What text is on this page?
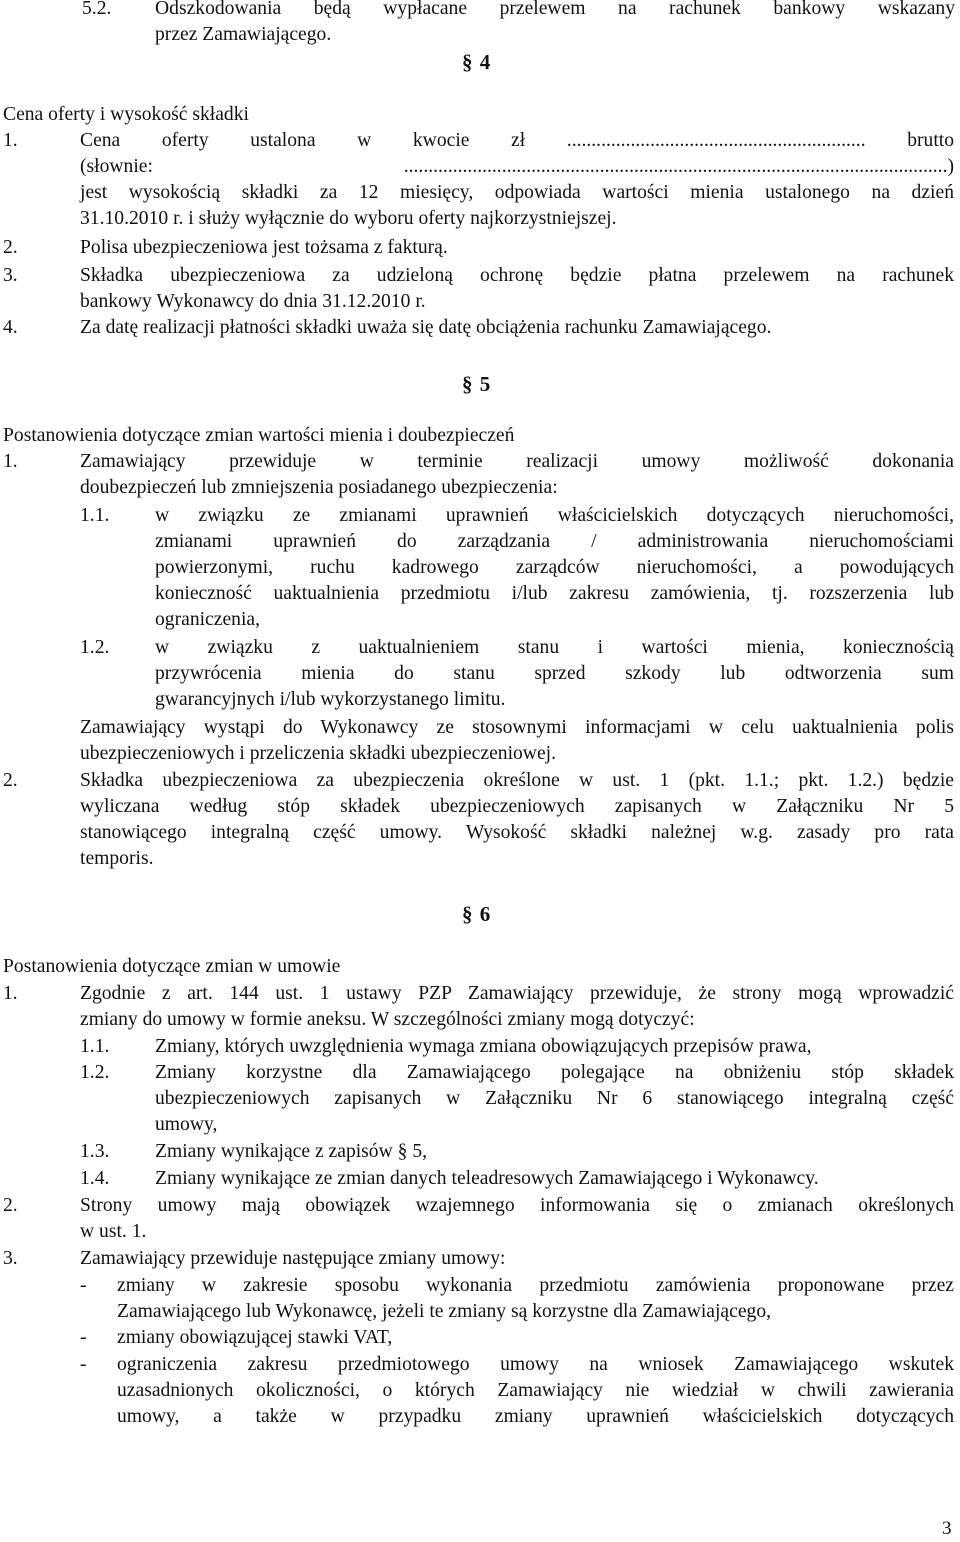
5.2. Odszkodowania będą wypłacane przelewem na rachunek bankowy wskazany
przez Zamawiającego.
§ 4
Cena oferty i wysokość składki
1.	Cena oferty ustalona w kwocie zł ............................................................. brutto
(słownie: ...............................................................................................................)
jest wysokością składki za 12 miesięcy, odpowiada wartości mienia ustalonego na dzień
31.10.2010 r. i służy wyłącznie do wyboru oferty najkorzystniejszej.
2.	Polisa ubezpieczeniowa jest tożsama z fakturą.
3.	Składka ubezpieczeniowa za udzieloną ochronę będzie płatna przelewem na rachunek
bankowy Wykonawcy do dnia 31.12.2010 r.
4.	Za datę realizacji płatności składki uważa się datę obciążenia rachunku Zamawiającego.
§ 5
Postanowienia dotyczące zmian wartości mienia i doubezpieczeń
1.	Zamawiający przewiduje w terminie realizacji umowy możliwość dokonania
doubezpieczeń lub zmniejszenia posiadanego ubezpieczenia:
1.1. w związku ze zmianami uprawnień właścicielskich dotyczących nieruchomości,
zmianami uprawnień do zarządzania / administrowania nieruchomościami
powierzonymi, ruchu kadrowego zarządców nieruchomości, a powodujących
konieczność uaktualnienia przedmiotu i/lub zakresu zamówienia, tj. rozszerzenia lub
ograniczenia,
1.2. w związku z uaktualnieniem stanu i wartości mienia, koniecznością
przywrócenia mienia do stanu sprzed szkody lub odtworzenia sum
gwarancyjnych i/lub wykorzystanego limitu.
Zamawiający wystąpi do Wykonawcy ze stosownymi informacjami w celu uaktualnienia polis
ubezpieczeniowych i przeliczenia składki ubezpieczeniowej.
2.	Składka ubezpieczeniowa za ubezpieczenia określone w ust. 1 (pkt. 1.1.; pkt. 1.2.) będzie
wyliczana według stóp składek ubezpieczeniowych zapisanych w Załączniku Nr 5
stanowiącego integralną część umowy. Wysokość składki należnej w.g. zasady pro rata
temporis.
§ 6
Postanowienia dotyczące zmian w umowie
1.	Zgodnie z art. 144 ust. 1 ustawy PZP Zamawiający przewiduje, że strony mogą wprowadzić
zmiany do umowy w formie aneksu. W szczególności zmiany mogą dotyczyć:
1.1. Zmiany, których uwzględnienia wymaga zmiana obowiązujących przepisów prawa,
1.2. Zmiany korzystne dla Zamawiającego polegające na obniżeniu stóp składek
ubezpieczeniowych zapisanych w Załączniku Nr 6 stanowiącego integralną część
umowy,
1.3. Zmiany wynikające z zapisów § 5,
1.4. Zmiany wynikające ze zmian danych teleadresowych Zamawiającego i Wykonawcy.
2.	Strony umowy mają obowiązek wzajemnego informowania się o zmianach określonych
w ust. 1.
3.	Zamawiający przewiduje następujące zmiany umowy:
- zmiany w zakresie sposobu wykonania przedmiotu zamówienia proponowane przez
Zamawiającego lub Wykonawcę, jeżeli te zmiany są korzystne dla Zamawiającego,
- zmiany obowiązującej stawki VAT,
- ograniczenia zakresu przedmiotowego umowy na wniosek Zamawiającego wskutek
uzasadnionych okoliczności, o których Zamawiający nie wiedział w chwili zawierania
umowy, a także w przypadku zmiany uprawnień właścicielskich dotyczących
3
